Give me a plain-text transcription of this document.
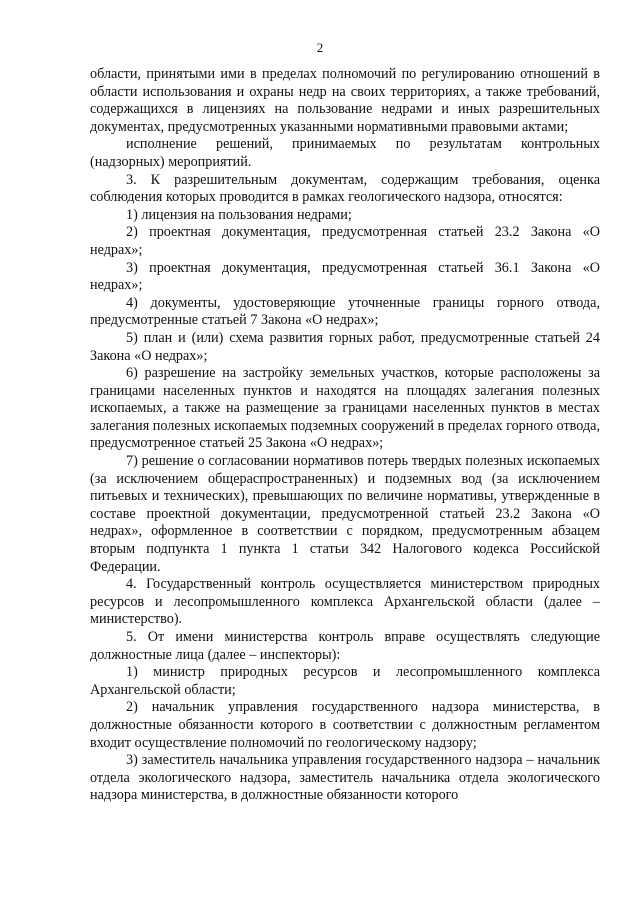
2

области, принятыми ими в пределах полномочий по регулированию отношений в области использования и охраны недр на своих территориях, а также требований, содержащихся в лицензиях на пользование недрами и иных разрешительных документах, предусмотренных указанными нормативными правовыми актами;

исполнение решений, принимаемых по результатам контрольных (надзорных) мероприятий.

3. К разрешительным документам, содержащим требования, оценка соблюдения которых проводится в рамках геологического надзора, относятся:

1) лицензия на пользования недрами;

2) проектная документация, предусмотренная статьей 23.2 Закона «О недрах»;

3) проектная документация, предусмотренная статьей 36.1 Закона «О недрах»;

4) документы, удостоверяющие уточненные границы горного отвода, предусмотренные статьей 7 Закона «О недрах»;

5) план и (или) схема развития горных работ, предусмотренные статьей 24 Закона «О недрах»;

6) разрешение на застройку земельных участков, которые расположены за границами населенных пунктов и находятся на площадях залегания полезных ископаемых, а также на размещение за границами населенных пунктов в местах залегания полезных ископаемых подземных сооружений в пределах горного отвода, предусмотренное статьей 25 Закона «О недрах»;

7) решение о согласовании нормативов потерь твердых полезных ископаемых (за исключением общераспространенных) и подземных вод (за исключением питьевых и технических), превышающих по величине нормативы, утвержденные в составе проектной документации, предусмотренной статьей 23.2 Закона «О недрах», оформленное в соответствии с порядком, предусмотренным абзацем вторым подпункта 1 пункта 1 статьи 342 Налогового кодекса Российской Федерации.

4. Государственный контроль осуществляется министерством природных ресурсов и лесопромышленного комплекса Архангельской области (далее – министерство).

5. От имени министерства контроль вправе осуществлять следующие должностные лица (далее – инспекторы):

1) министр природных ресурсов и лесопромышленного комплекса Архангельской области;

2) начальник управления государственного надзора министерства, в должностные обязанности которого в соответствии с должностным регламентом входит осуществление полномочий по геологическому надзору;

3) заместитель начальника управления государственного надзора – начальник отдела экологического надзора, заместитель начальника отдела экологического надзора министерства, в должностные обязанности которого
